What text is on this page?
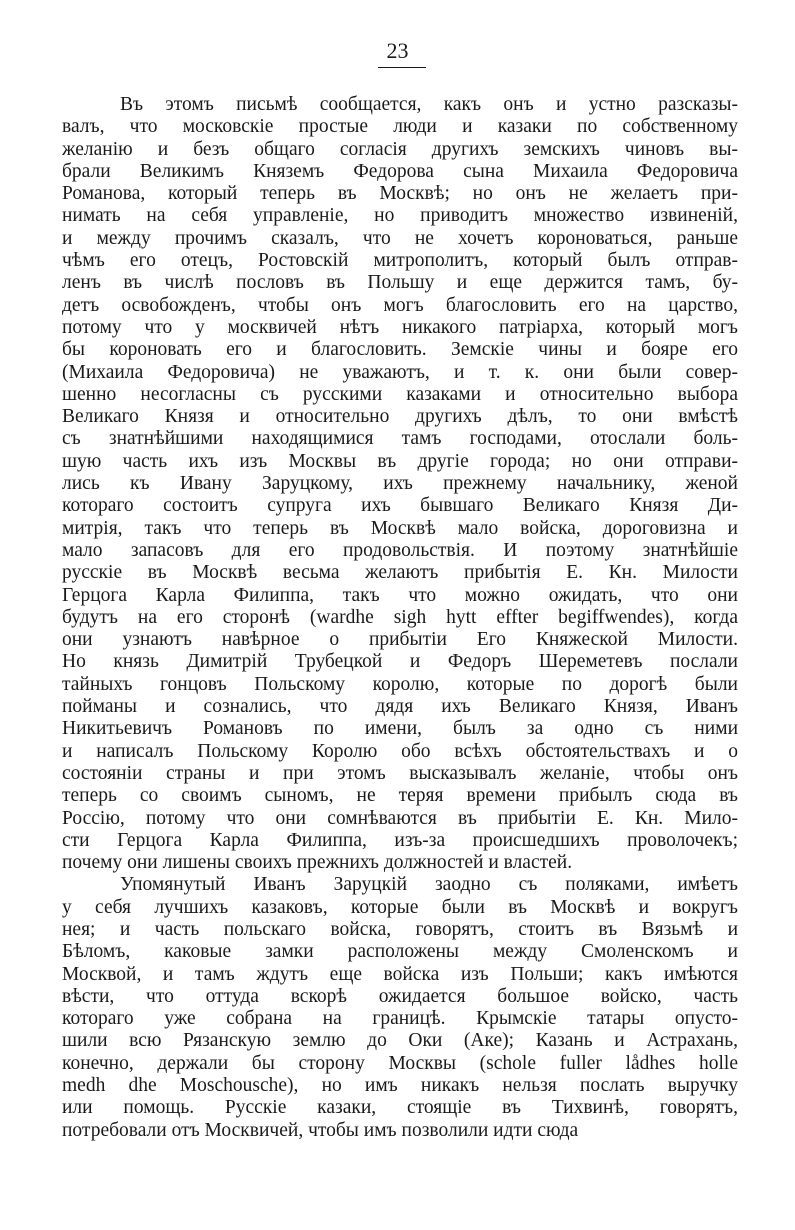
23
Въ этомъ письмѣ сообщается, какъ онъ и устно разсказы-
валъ, что московскіе простые люди и казаки по собственному
желанію и безъ общаго согласія другихъ земскихъ чиновъ вы-
брали Великимъ Княземъ Федорова сына Михаила Федоровича
Романова, который теперь въ Москвѣ; но онъ не желаетъ при-
нимать на себя управленіе, но приводитъ множество извиненій,
и между прочимъ сказалъ, что не хочетъ короноваться, раньше
чѣмъ его отецъ, Ростовскій митрополитъ, который былъ отправ-
ленъ въ числѣ пословъ въ Польшу и еще держится тамъ, бу-
детъ освобожденъ, чтобы онъ могъ благословить его на царство,
потому что у москвичей нѣтъ никакого патріарха, который могъ
бы короновать его и благословить. Земскіе чины и бояре его
(Михаила Федоровича) не уважаютъ, и т. к. они были совер-
шенно несогласны съ русскими казаками и относительно выбора
Великаго Князя и относительно другихъ дѣлъ, то они вмѣстѣ
съ знатнѣйшими находящимися тамъ господами, отослали боль-
шую часть ихъ изъ Москвы въ другіе города; но они отправи-
лись къ Ивану Заруцкому, ихъ прежнему начальнику, женой
котораго состоитъ супруга ихъ бывшаго Великаго Князя Ди-
митрія, такъ что теперь въ Москвѣ мало войска, дороговизна и
мало запасовъ для его продовольствія. И поэтому знатнѣйшіе
русскіе въ Москвѣ весьма желаютъ прибытія Е. Кн. Милости
Герцога Карла Филиппа, такъ что можно ожидать, что они
будутъ на его сторонѣ (wardhe sigh hytt effter begiffwendes), когда
они узнаютъ навѣрное о прибытіи Его Княжеской Милости.
Но князь Димитрій Трубецкой и Федоръ Шереметевъ послали
тайныхъ гонцовъ Польскому королю, которые по дорогѣ были
пойманы и сознались, что дядя ихъ Великаго Князя, Иванъ
Никитьевичъ Романовъ по имени, былъ за одно съ ними
и написалъ Польскому Королю обо всѣхъ обстоятельствахъ и о
состояніи страны и при этомъ высказывалъ желаніе, чтобы онъ
теперь со своимъ сыномъ, не теряя времени прибылъ сюда въ
Россію, потому что они сомнѣваются въ прибытіи Е. Кн. Мило-
сти Герцога Карла Филиппа, изъ-за происшедшихъ проволочекъ;
почему они лишены своихъ прежнихъ должностей и властей.
Упомянутый Иванъ Заруцкій заодно съ поляками, имѣетъ
у себя лучшихъ казаковъ, которые были въ Москвѣ и вокругъ
нея; и часть польскаго войска, говорятъ, стоитъ въ Вязьмѣ и
Бѣломъ, каковые замки расположены между Смоленскомъ и
Москвой, и тамъ ждутъ еще войска изъ Польши; какъ имѣются
вѣсти, что оттуда вскорѣ ожидается большое войско, часть
котораго уже собрана на границѣ. Крымскіе татары опусто-
шили всю Рязанскую землю до Оки (Аке); Казань и Астрахань,
конечно, держали бы сторону Москвы (schole fuller lådhes holle
medh dhe Moschousche), но имъ никакъ нельзя послать выручку
или помощь. Русскіе казаки, стоящіе въ Тихвинѣ, говорятъ,
потребовали отъ Москвичей, чтобы имъ позволили идти сюда
